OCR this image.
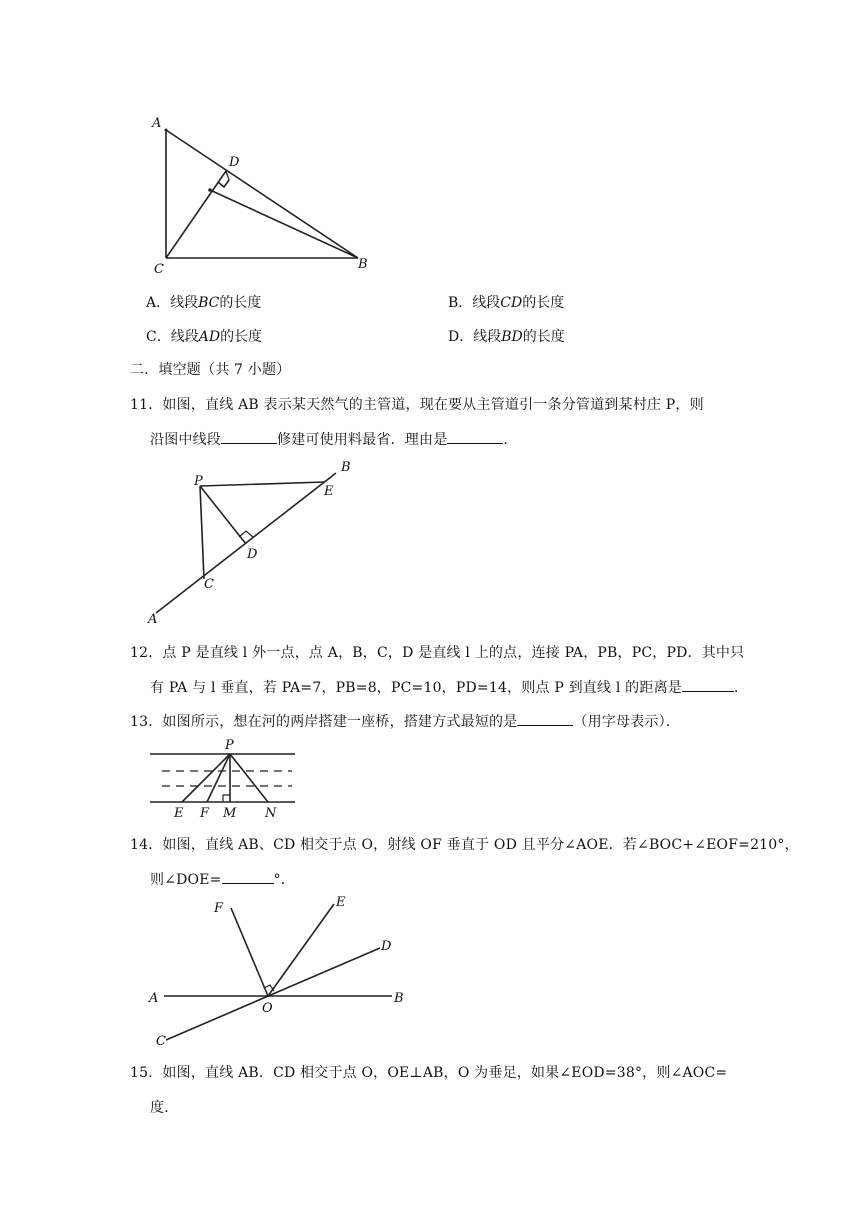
A
D
C	B
A．线段BC的长度	B．线段CD的长度
C．线段AD的长度	D．线段BD的长度
二．填空题（共 7 小题）
11．如图，直线 AB 表示某天然气的主管道，现在要从主管道引一条分管道到某村庄 P，则
沿图中线段	修建可使用料最省．理由是	．
B
P
E
D
C
A
12．点 P 是直线 l 外一点，点 A，B，C，D 是直线 l 上的点，连接 PA，PB，PC，PD．其中只
有 PA 与 l 垂直，若 PA=7，PB=8，PC=10，PD=14，则点 P 到直线 l 的距离是	．
13．如图所示，想在河的两岸搭建一座桥，搭建方式最短的是	（用字母表示）．
P
E F M N
14．如图，直线 AB、CD 相交于点 O，射线 OF 垂直于 OD 且平分∠AOE．若∠BOC+∠EOF=210°，
则∠DOE=	°．
F	E
D
A
O
B
C
15．如图，直线 AB．CD 相交于点 O，OE⊥AB，O 为垂足，如果∠EOD=38°，则∠AOC=
度．
